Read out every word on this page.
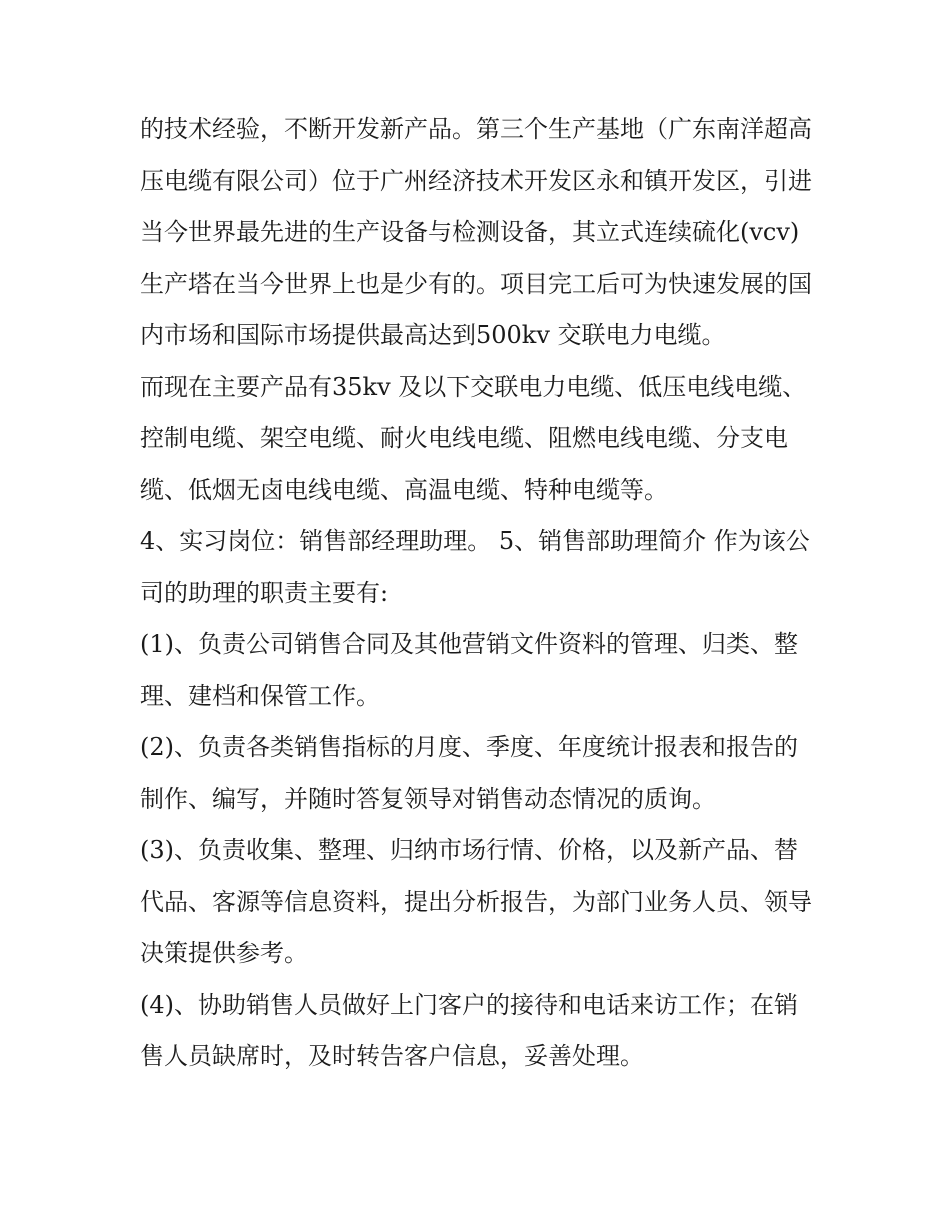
的技术经验，不断开发新产品。第三个生产基地（广东南洋超高压电缆有限公司）位于广州经济技术开发区永和镇开发区，引进当今世界最先进的生产设备与检测设备，其立式连续硫化(vcv)生产塔在当今世界上也是少有的。项目完工后可为快速发展的国内市场和国际市场提供最高达到500kv 交联电力电缆。

而现在主要产品有35kv 及以下交联电力电缆、低压电线电缆、控制电缆、架空电缆、耐火电线电缆、阻燃电线电缆、分支电缆、低烟无卤电线电缆、高温电缆、特种电缆等。

4、实习岗位：销售部经理助理。 5、销售部助理简介 作为该公司的助理的职责主要有:

(1)、负责公司销售合同及其他营销文件资料的管理、归类、整理、建档和保管工作。

(2)、负责各类销售指标的月度、季度、年度统计报表和报告的制作、编写，并随时答复领导对销售动态情况的质询。

(3)、负责收集、整理、归纳市场行情、价格，以及新产品、替代品、客源等信息资料，提出分析报告，为部门业务人员、领导决策提供参考。

(4)、协助销售人员做好上门客户的接待和电话来访工作；在销售人员缺席时，及时转告客户信息，妥善处理。
